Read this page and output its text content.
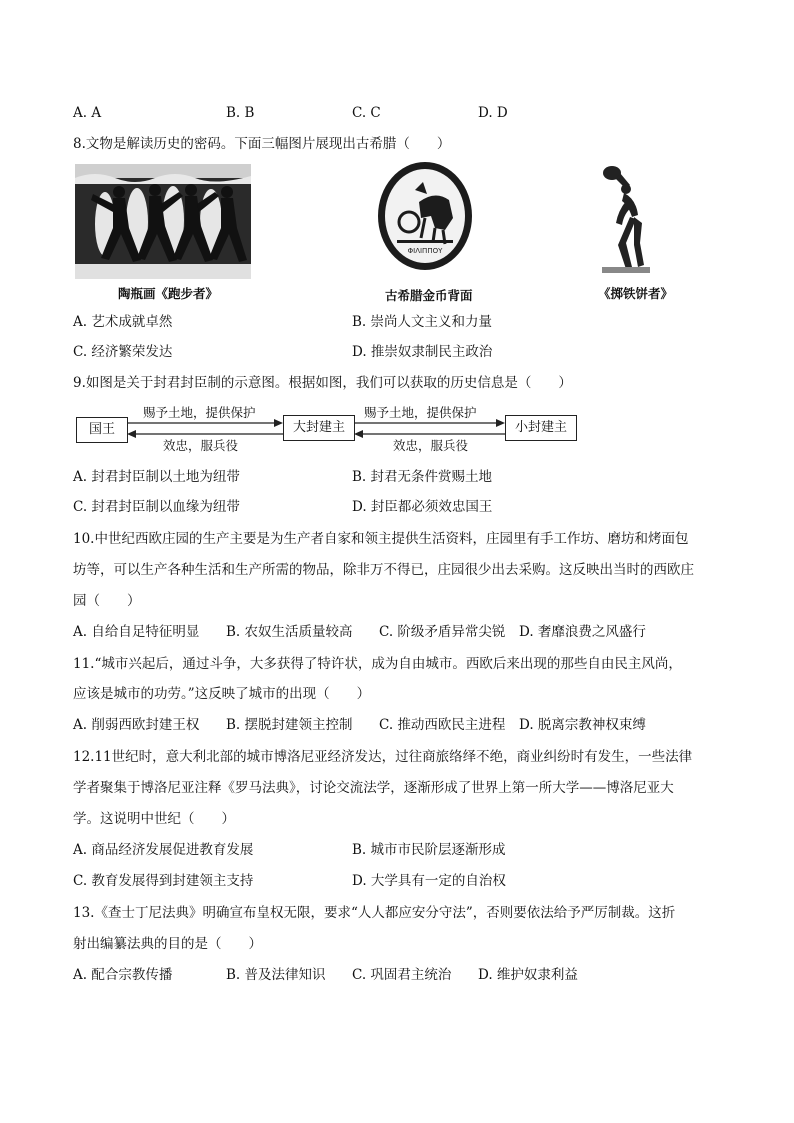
A. A	B. B	C. C	D. D
8.文物是解读历史的密码。下面三幅图片展现出古希腊（　　）
陶瓶画《跑步者》
ΦΙΛΙΠΠΟΥ
古希腊金币背面	《掷铁饼者》
A. 艺术成就卓然	B. 崇尚人文主义和力量
C. 经济繁荣发达	D. 推崇奴隶制民主政治
9.如图是关于封君封臣制的示意图。根据如图，我们可以获取的历史信息是（　　）
国王	大封建主	小封建主
赐予土地，提供保护	赐予土地，提供保护
效忠，服兵役	效忠，服兵役
A. 封君封臣制以土地为纽带	B. 封君无条件赏赐土地
C. 封君封臣制以血缘为纽带	D. 封臣都必须效忠国王
10.中世纪西欧庄园的生产主要是为生产者自家和领主提供生活资料，庄园里有手工作坊、磨坊和烤面包
坊等，可以生产各种生活和生产所需的物品，除非万不得已，庄园很少出去采购。这反映出当时的西欧庄
园（　　）
A. 自给自足特征明显 B. 农奴生活质量较高 C. 阶级矛盾异常尖锐 D. 奢靡浪费之风盛行
11.“城市兴起后，通过斗争，大多获得了特许状，成为自由城市。西欧后来出现的那些自由民主风尚，
应该是城市的功劳。”这反映了城市的出现（　　）
A. 削弱西欧封建王权 B. 摆脱封建领主控制 C. 推动西欧民主进程 D. 脱离宗教神权束缚
12.11世纪时，意大利北部的城市博洛尼亚经济发达，过往商旅络绎不绝，商业纠纷时有发生，一些法律
学者聚集于博洛尼亚注释《罗马法典》，讨论交流法学，逐渐形成了世界上第一所大学——博洛尼亚大
学。这说明中世纪（　　）
A. 商品经济发展促进教育发展	B. 城市市民阶层逐渐形成
C. 教育发展得到封建领主支持	D. 大学具有一定的自治权
13.《查士丁尼法典》明确宣布皇权无限，要求“人人都应安分守法”，否则要依法给予严厉制裁。这折
射出编纂法典的目的是（　　）
A. 配合宗教传播	B. 普及法律知识 C. 巩固君主统治 D. 维护奴隶利益
